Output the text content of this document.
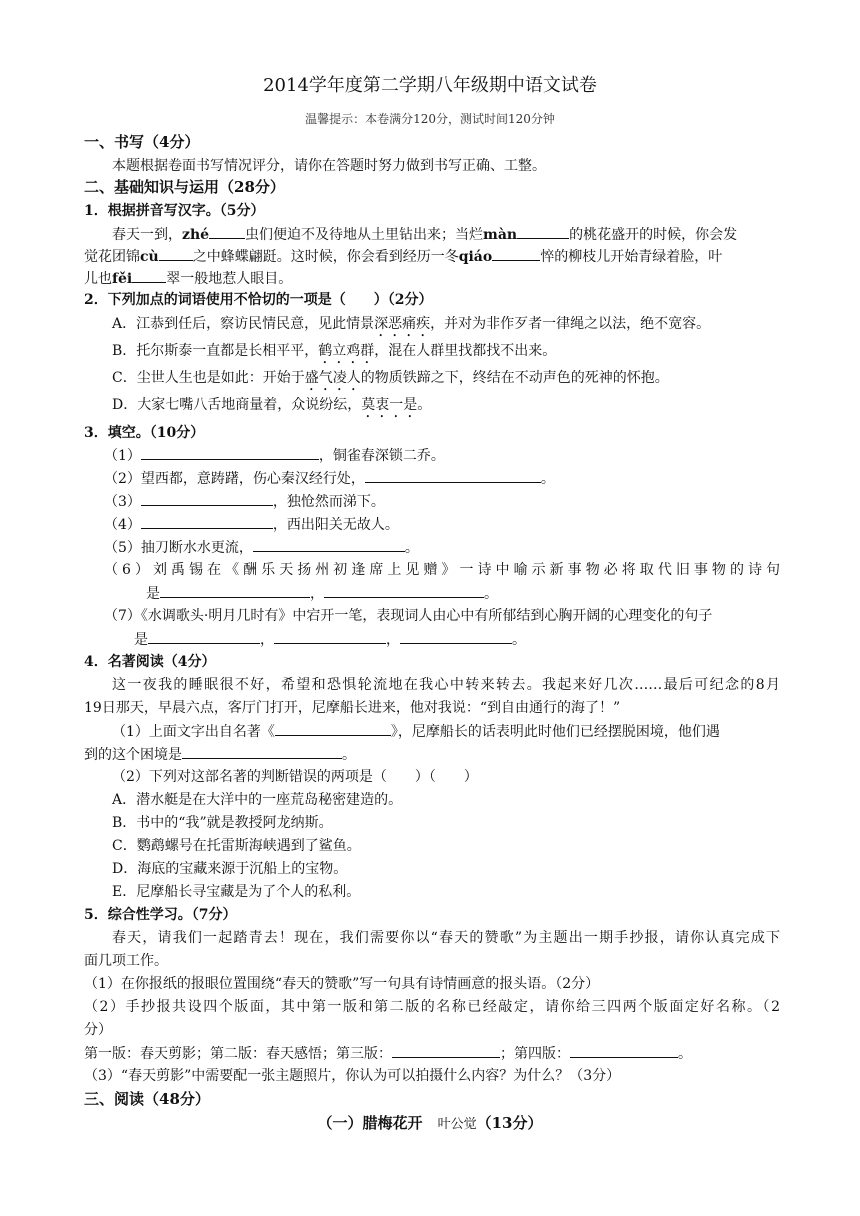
2014学年度第二学期八年级期中语文试卷
温馨提示：本卷满分120分，测试时间120分钟
一、书写（4分）
本题根据卷面书写情况评分，请你在答题时努力做到书写正确、工整。
二、基础知识与运用（28分）
1．根据拼音写汉字。（5分）
春天一到，zhé	虫们便迫不及待地从土里钻出来；当烂màn	的桃花盛开的时候，你会发
觉花团锦cù 之中蜂蝶翩跹。这时候，你会看到经历一冬qiáo	悴的柳枝儿开始青绿着脸，叶
儿也fěi 翠一般地惹人眼目。
2．下列加点的词语使用不恰切的一项是（　　）（2分）
A．江恭到任后，察访民情民意，见此情景深恶痛疾，并对为非作歹者一律绳之以法，绝不宽容。
B．托尔斯泰一直都是长相平平，鹤立鸡群，混在人群里找都找不出来。
C．尘世人生也是如此：开始于盛气凌人的物质铁蹄之下，终结在不动声色的死神的怀抱。
D．大家七嘴八舌地商量着，众说纷纭，莫衷一是。
3．填空。（10分）
（1）	，铜雀春深锁二乔。
（2）望西都，意踌躇，伤心秦汉经行处，	。
（3）	，独怆然而涕下。
（4）	，西出阳关无故人。
（5）抽刀断水水更流，	。
（6）刘禹锡在《酬乐天扬州初逢席上见赠》一诗中喻示新事物必将取代旧事物的诗句
是	，	。
（7）《水调歌头·明月几时有》中宕开一笔，表现词人由心中有所郁结到心胸开阔的心理变化的句子
是	，	，	。
4．名著阅读（4分）
这一夜我的睡眠很不好，希望和恐惧轮流地在我心中转来转去。我起来好几次……最后可纪念的8月
19日那天，早晨六点，客厅门打开，尼摩船长进来，他对我说：“到自由通行的海了！”
（1）上面文字出自名著《	》，尼摩船长的话表明此时他们已经摆脱困境，他们遇
到的这个困境是	。
（2）下列对这部名著的判断错误的两项是（　　）（　　）
A．潜水艇是在大洋中的一座荒岛秘密建造的。
B．书中的“我”就是教授阿龙纳斯。
C．鹦鹉螺号在托雷斯海峡遇到了鲨鱼。
D．海底的宝藏来源于沉船上的宝物。
E．尼摩船长寻宝藏是为了个人的私利。
5．综合性学习。（7分）
春天，请我们一起踏青去！现在，我们需要你以“春天的赞歌”为主题出一期手抄报，请你认真完成下
面几项工作。
（1）在你报纸的报眼位置围绕“春天的赞歌”写一句具有诗情画意的报头语。（2分）
（2）手抄报共设四个版面，其中第一版和第二版的名称已经敲定，请你给三四两个版面定好名称。（2
分）
第一版：春天剪影；第二版：春天感悟；第三版：	；第四版：	。
（3）“春天剪影”中需要配一张主题照片，你认为可以拍摄什么内容？为什么？（3分）
三、阅读（48分）
（一）腊梅花开　 叶公觉（13分）
